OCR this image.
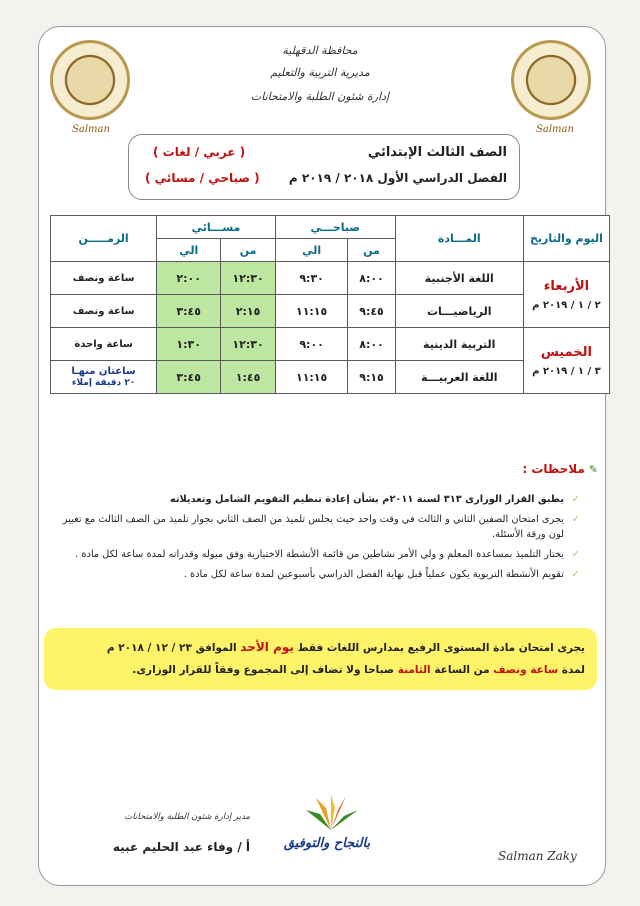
Salman	Salman
محافظة الدقهلية
مديرية التربية والتعليم
إدارة شئون الطلبة والامتحانات
الصف الثالث الإبتدائي
( عربي / لغات )
الفصل الدراسي الأول ٢٠١٨ / ٢٠١٩ م
( صباحي / مسائي )
اليوم والتاريخ	المـــادة	صباحـــي		مســـائي		الزمـــــن
		من	الي	من	الي	
الأربعاء
٢ / ١ / ٢٠١٩ م	اللغة الأجنبية	٨:٠٠	٩:٣٠	١٢:٣٠	٢:٠٠	ساعة ونصف
	الرياضيـــات	٩:٤٥	١١:١٥	٢:١٥	٣:٤٥	ساعة ونصف
الخميس
٣ / ١ / ٢٠١٩ م	التربية الدينية	٨:٠٠	٩:٠٠	١٢:٣٠	١:٣٠	ساعة واحدة
	اللغة العربيـــة	٩:١٥	١١:١٥	١:٤٥	٣:٤٥	ساعتان منهـا
٢٠ دقيقة إملاء
✎ملاحظات :
✓
يطبق القرار الوزارى ٣١٣ لسنة ٢٠١١م بشأن إعادة تنظيم التقويم الشامل وتعديلاته
✓
يجرى امتحان الصفين الثاني و الثالث في وقت واحد حيث يجلس تلميذ من الصف الثاني بجوار تلميذ من الصف الثالث مع تغيير لون ورقة الأسئلة.
✓
يختار التلميذ بمساعدة المعلم و ولي الأمر نشاطين من قائمة الأنشطة الاختيارية وفق ميوله وقدراته لمدة ساعة لكل مادة .
✓
تقويم الأنشطة التربوية يكون عملياً قبل نهاية الفصل الدراسي بأسبوعين لمدة ساعة لكل مادة .
يجرى امتحان مادة المستوى الرفيع بمدارس اللغات فقط يوم الأحد الموافق ٢٣ / ١٢ / ٢٠١٨ م
لمدة ساعة ونصف من الساعة الثامنة صباحا ولا تضاف إلى المجموع وفقاً للقرار الوزارى.
مدير إدارة شئون الطلبة والامتحانات
أ / وفاء عبد الحليم عبيه	بالنجاح والتوفيق
Salman Zaky
